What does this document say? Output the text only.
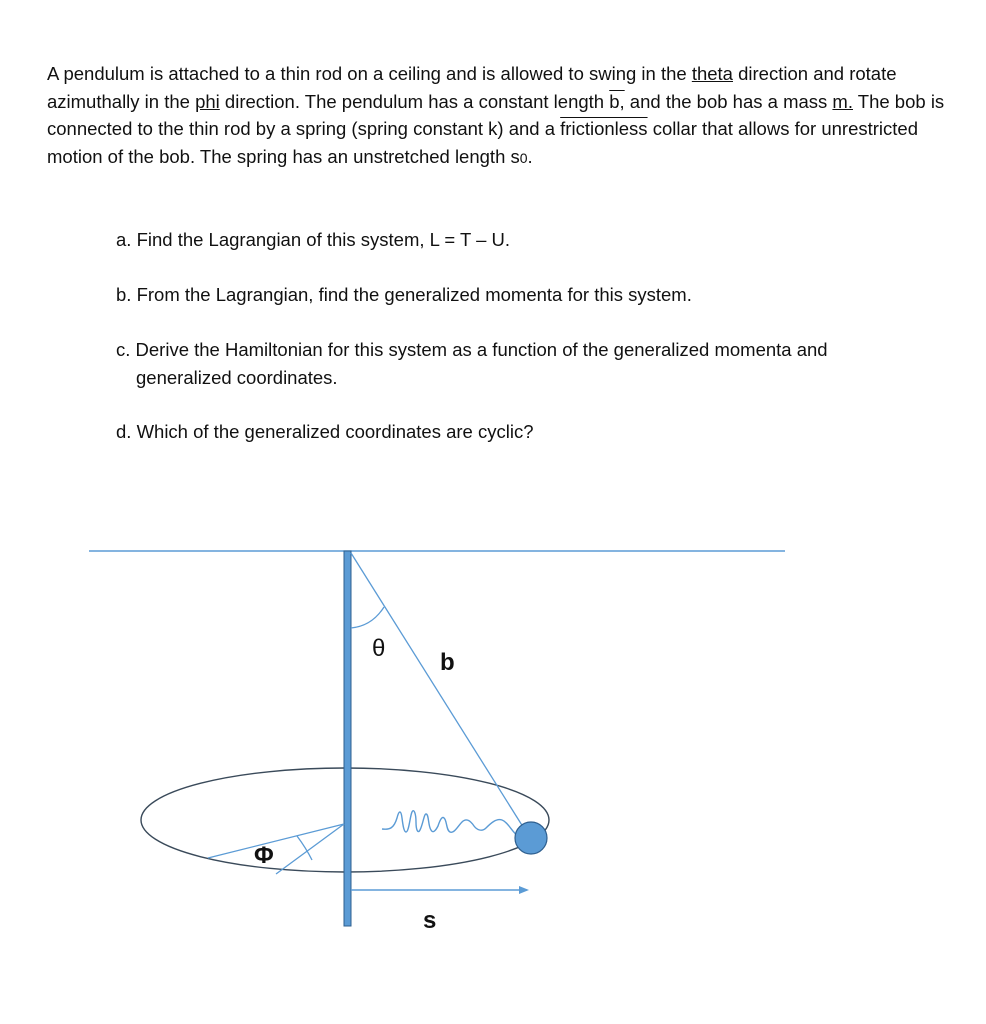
A pendulum is attached to a thin rod on a ceiling and is allowed to swing in the theta direction and rotate azimuthally in the phi direction. The pendulum has a constant length b, and the bob has a mass m. The bob is connected to the thin rod by a spring (spring constant k) and a frictionless collar that allows for unrestricted motion of the bob. The spring has an unstretched length s0.

a. Find the Lagrangian of this system, L = T – U.

b. From the Lagrangian, find the generalized momenta for this system.

c. Derive the Hamiltonian for this system as a function of the generalized momenta and
generalized coordinates.

d. Which of the generalized coordinates are cyclic?

θ
b
Φ
s
